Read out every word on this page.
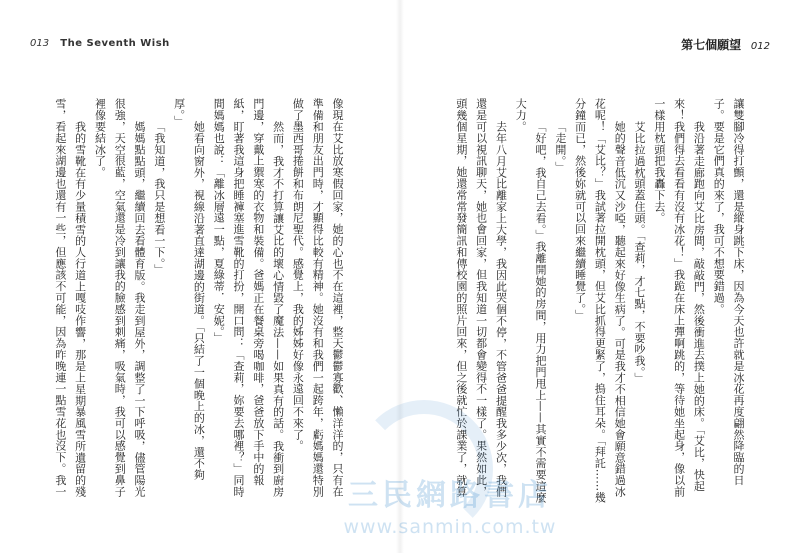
013 The Seventh Wish	第七個願望 012
讓雙腳冷得打顫，還是縱身跳下床，因為今天也許就是冰花再度翩然降臨的日
子。要是它們真的來了，我可不想要錯過。
我沿著走廊跑向艾比房間，敲敲門，然後衝進去撲上她的床。「艾比，快起
來！我們得去看看有沒有冰花！」我跪在床上彈啊跳的，等待她坐起身，像以前
一樣用枕頭把我轟下去。
艾比拉過枕頭蓋住頭。「查莉，才七點，不要吵我。」
她的聲音低沉又沙啞，聽起來好像生病了。可是我才不相信她會願意錯過冰
花呢！「艾比？」我試著拉開枕頭，但艾比抓得更緊了，摀住耳朵。「拜託……幾
分鐘而已，然後妳就可以回來繼續睡覺了。」
「走開。」
「好吧，我自己去看。」我離開她的房間，用力把門甩上——其實不需要這麼
大力。
去年八月艾比離家上大學，我因此哭個不停，不管爸爸提醒我多少次，我們
還是可以視訊聊天，她也會回家，但我知道一切都會變得不一樣了。果然如此，
頭幾個星期，她還常常發簡訊和傳校園的照片回來，但之後就忙於課業了，就算
像現在艾比放寒假回家，她的心也不在這裡，整天鬱鬱寡歡、懶洋洋的，只有在
準備和朋友出門時，才顯得比較有精神。她沒有和我們一起跨年，虧媽媽還特別
做了墨西哥捲餅和布朗尼聖代。感覺上，我的姊姊好像永遠回不來了。
然而，我才不打算讓艾比的壞心情毀了魔法——如果真有的話。我衝到廚房
門邊，穿戴上禦寒的衣物和裝備。爸媽正在餐桌旁喝咖啡，爸爸放下手中的報
紙，盯著我這身把睡褲塞進雪靴的打扮，開口問：「查莉，妳要去哪裡？」同時
間媽媽也說：「離冰層遠一點，夏綠蒂．安妮。」
她看向窗外，視線沿著直達湖邊的街道。「只結了一個晚上的冰，還不夠
厚。」
「我知道，我只是想看一下。」
媽媽點點頭，繼續回去看體育版。我走到屋外，調整了一下呼吸，儘管陽光
很強，天空很藍，空氣還是冷到讓我的臉感到刺痛，吸氣時，我可以感覺到鼻子
裡像要結冰了。
我的雪靴在有少量積雪的人行道上嘎吱作響，那是上星期暴風雪所遺留的殘
雪，看起來湖邊也還有一些，但應該不可能，因為昨晚連一點雪花也沒下。我一	三民網路書店
www.sanmin.com.tw
